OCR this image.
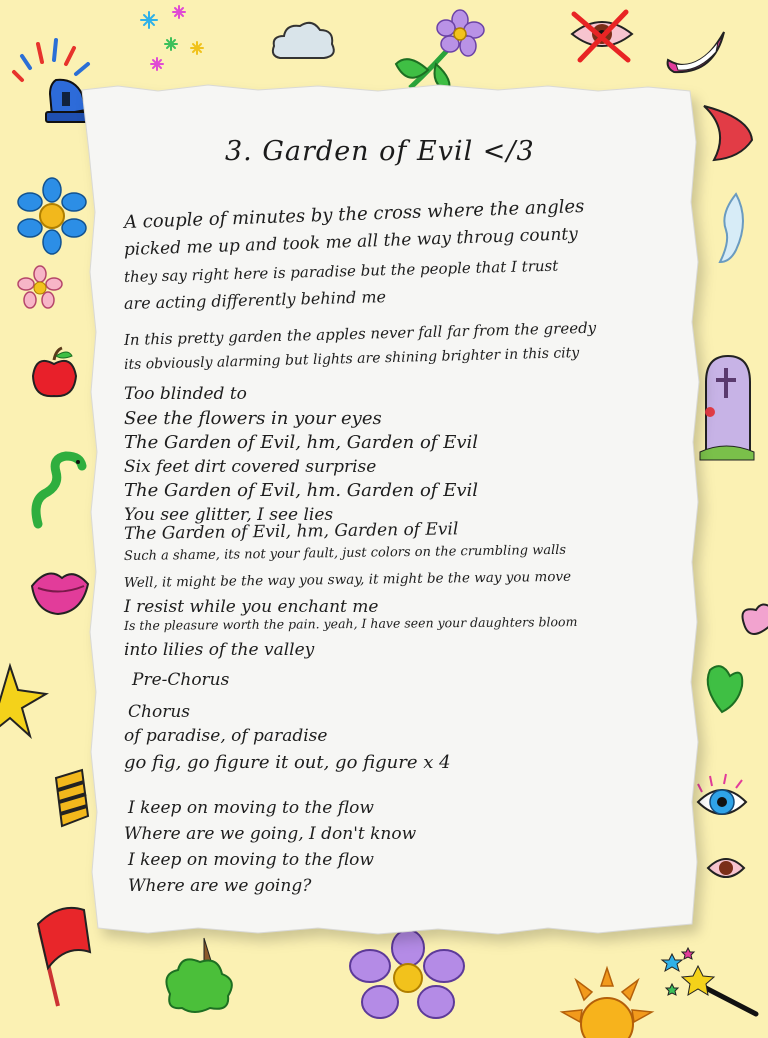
3. Garden of Evil </3
A couple of minutes by the cross where the angles
picked me up and took me all the way throug county
they say right here is paradise but the people that I trust
are acting differently behind me
In this pretty garden the apples never fall far from the greedy
its obviously alarming but lights are shining brighter in this city
Too blinded to
See the flowers in your eyes
The Garden of Evil, hm, Garden of Evil
Six feet dirt covered surprise
The Garden of Evil, hm. Garden of Evil
You see glitter, I see lies
The Garden of Evil, hm, Garden of Evil
Such a shame, its not your fault, just colors on the crumbling walls
Well, it might be the way you sway, it might be the way you move
I resist while you enchant me
Is the pleasure worth the pain. yeah, I have seen your daughters bloom
into lilies of the valley
Pre-Chorus
Chorus
of paradise, of paradise
go fig, go figure it out, go figure x 4
I keep on moving to the flow
Where are we going, I don't know
I keep on moving to the flow
Where are we going?
